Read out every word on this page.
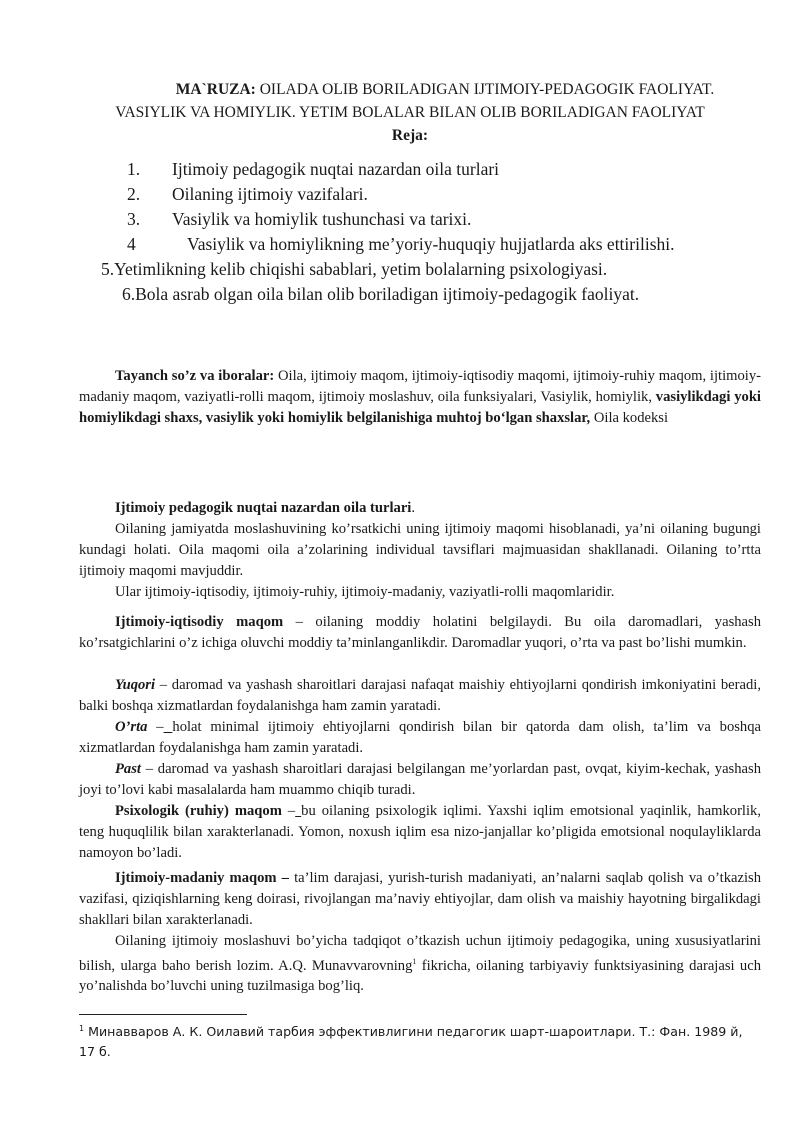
MA`RUZA: OILADA OLIB BORILADIGAN IJTIMOIY-PEDAGOGIK FAOLIYAT.
VASIYLIK VA HOMIYLIK. YETIM BOLALAR BILAN OLIB BORILADIGAN FAOLIYAT
Reja:
1. Ijtimoiy pedagogik nuqtai nazardan oila turlari
2. Oilaning ijtimoiy vazifalari.
3. Vasiylik va homiylik tushunchasi va tarixi.
4	Vasiylik va homiylikning me’yoriy-huquqiy hujjatlarda aks ettirilishi.
5.Yetimlikning kelib chiqishi sabablari, yetim bolalarning psixologiyasi.
6.Bola asrab olgan oila bilan olib boriladigan ijtimoiy-pedagogik faoliyat.
Tayanch so’z va iboralar: Oila, ijtimoiy maqom, ijtimoiy-iqtisodiy maqomi, ijtimoiy-ruhiy maqom, ijtimoiy-madaniy maqom, vaziyatli-rolli maqom, ijtimoiy moslashuv, oila funksiyalari, Vasiylik, homiylik, vasiylikdagi yoki homiylikdagi shaxs, vasiylik yoki homiylik belgilanishiga muhtoj bo‘lgan shaxslar, Oila kodeksi
Ijtimoiy pedagogik nuqtai nazardan oila turlari.
Oilaning jamiyatda moslashuvining ko’rsatkichi uning ijtimoiy maqomi hisoblanadi, ya’ni oilaning bugungi kundagi holati. Oila maqomi oila a’zolarining individual tavsiflari majmuasidan shakllanadi. Oilaning to’rtta ijtimoiy maqomi mavjuddir.
Ular ijtimoiy-iqtisodiy, ijtimoiy-ruhiy, ijtimoiy-madaniy, vaziyatli-rolli maqomlaridir.
Ijtimoiy-iqtisodiy maqom – oilaning moddiy holatini belgilaydi. Bu oila daromadlari, yashash ko’rsatgichlarini o’z ichiga oluvchi moddiy ta’minlanganlikdir. Daromadlar yuqori, o’rta va past bo’lishi mumkin.
Yuqori – daromad va yashash sharoitlari darajasi nafaqat maishiy ehtiyojlarni qondirish imkoniyatini beradi, balki boshqa xizmatlardan foydalanishga ham zamin yaratadi.
O’rta – holat minimal ijtimoiy ehtiyojlarni qondirish bilan bir qatorda dam olish, ta’lim va boshqa xizmatlardan foydalanishga ham zamin yaratadi.
Past – daromad va yashash sharoitlari darajasi belgilangan me’yorlardan past, ovqat, kiyim-kechak, yashash joyi to’lovi kabi masalalarda ham muammo chiqib turadi.
Psixologik (ruhiy) maqom – bu oilaning psixologik iqlimi. Yaxshi iqlim emotsional yaqinlik, hamkorlik, teng huquqlilik bilan xarakterlanadi. Yomon, noxush iqlim esa nizo-janjallar ko’pligida emotsional noqulayliklarda namoyon bo’ladi.
Ijtimoiy-madaniy maqom – ta’lim darajasi, yurish-turish madaniyati, an’nalarni saqlab qolish va o’tkazish vazifasi, qiziqishlarning keng doirasi, rivojlangan ma’naviy ehtiyojlar, dam olish va maishiy hayotning birgalikdagi shakllari bilan xarakterlanadi.
Oilaning ijtimoiy moslashuvi bo’yicha tadqiqot o’tkazish uchun ijtimoiy pedagogika, uning xususiyatlarini bilish, ularga baho berish lozim. A.Q. Munavvarovning$^1$ fikricha, oilaning tarbiyaviy funktsiyasining darajasi uch yo’nalishda bo’luvchi uning tuzilmasiga bog’liq.
$^1$ Минавваров А. К. Оилавий тарбия эффективлигини педагогик шарт-шароитлари. Т.: Фан. 1989 й, 17 б.
